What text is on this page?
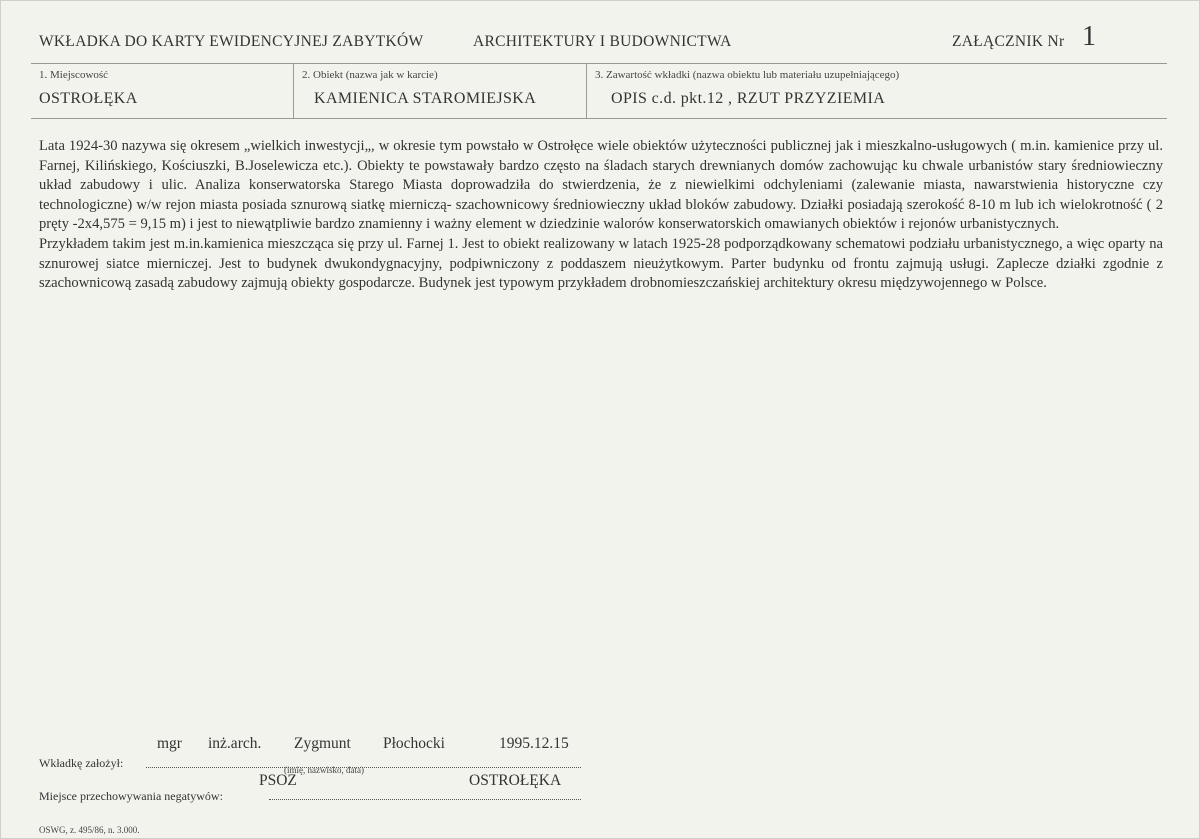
WKŁADKA DO KARTY EWIDENCYJNEJ ZABYTKÓW	ARCHITEKTURY I BUDOWNICTWA	ZAŁĄCZNIK Nr 1
1. Miejscowość
OSTROŁĘKA
2. Obiekt (nazwa jak w karcie)
KAMIENICA STAROMIEJSKA
3. Zawartość wkładki (nazwa obiektu lub materiału uzupełniającego)
OPIS c.d. pkt.12 , RZUT PRZYZIEMIA

Lata 1924-30 nazywa się okresem „wielkich inwestycji„, w okresie tym powstało w Ostrołęce wiele obiektów użyteczności publicznej jak i mieszkalno-usługowych ( m.in. kamienice przy ul. Farnej, Kilińskiego, Kościuszki, B.Joselewicza etc.). Obiekty te powstawały bardzo często na śladach starych drewnianych domów zachowując ku chwale urbanistów stary średniowieczny układ zabudowy i ulic. Analiza konserwatorska Starego Miasta doprowadziła do stwierdzenia, że z niewielkimi odchyleniami (zalewanie miasta, nawarstwienia historyczne czy technologiczne) w/w rejon miasta posiada sznurową siatkę mierniczą- szachownicowy średniowieczny układ bloków zabudowy. Działki posiadają szerokość 8-10 m lub ich wielokrotność ( 2 pręty -2x4,575 = 9,15 m) i jest to niewątpliwie bardzo znamienny i ważny element w dziedzinie walorów konserwatorskich omawianych obiektów i rejonów urbanistycznych.

Przykładem takim jest m.in.kamienica mieszcząca się przy ul. Farnej 1. Jest to obiekt realizowany w latach 1925-28 podporządkowany schematowi podziału urbanistycznego, a więc oparty na sznurowej siatce mierniczej. Jest to budynek dwukondygnacyjny, podpiwniczony z poddaszem nieużytkowym. Parter budynku od frontu zajmują usługi. Zaplecze działki zgodnie z szachownicową zasadą zabudowy zajmują obiekty gospodarcze. Budynek jest typowym przykładem drobnomieszczańskiej architektury okresu międzywojennego w Polsce.

mgr inż.arch. Zygmunt Płochocki	1995.12.15
Wkładkę założył:	(imię, nazwisko, data)
PSOZ	OSTROŁĘKA
Miejsce przechowywania negatywów:
OSWG, z. 495/86, n. 3.000.
